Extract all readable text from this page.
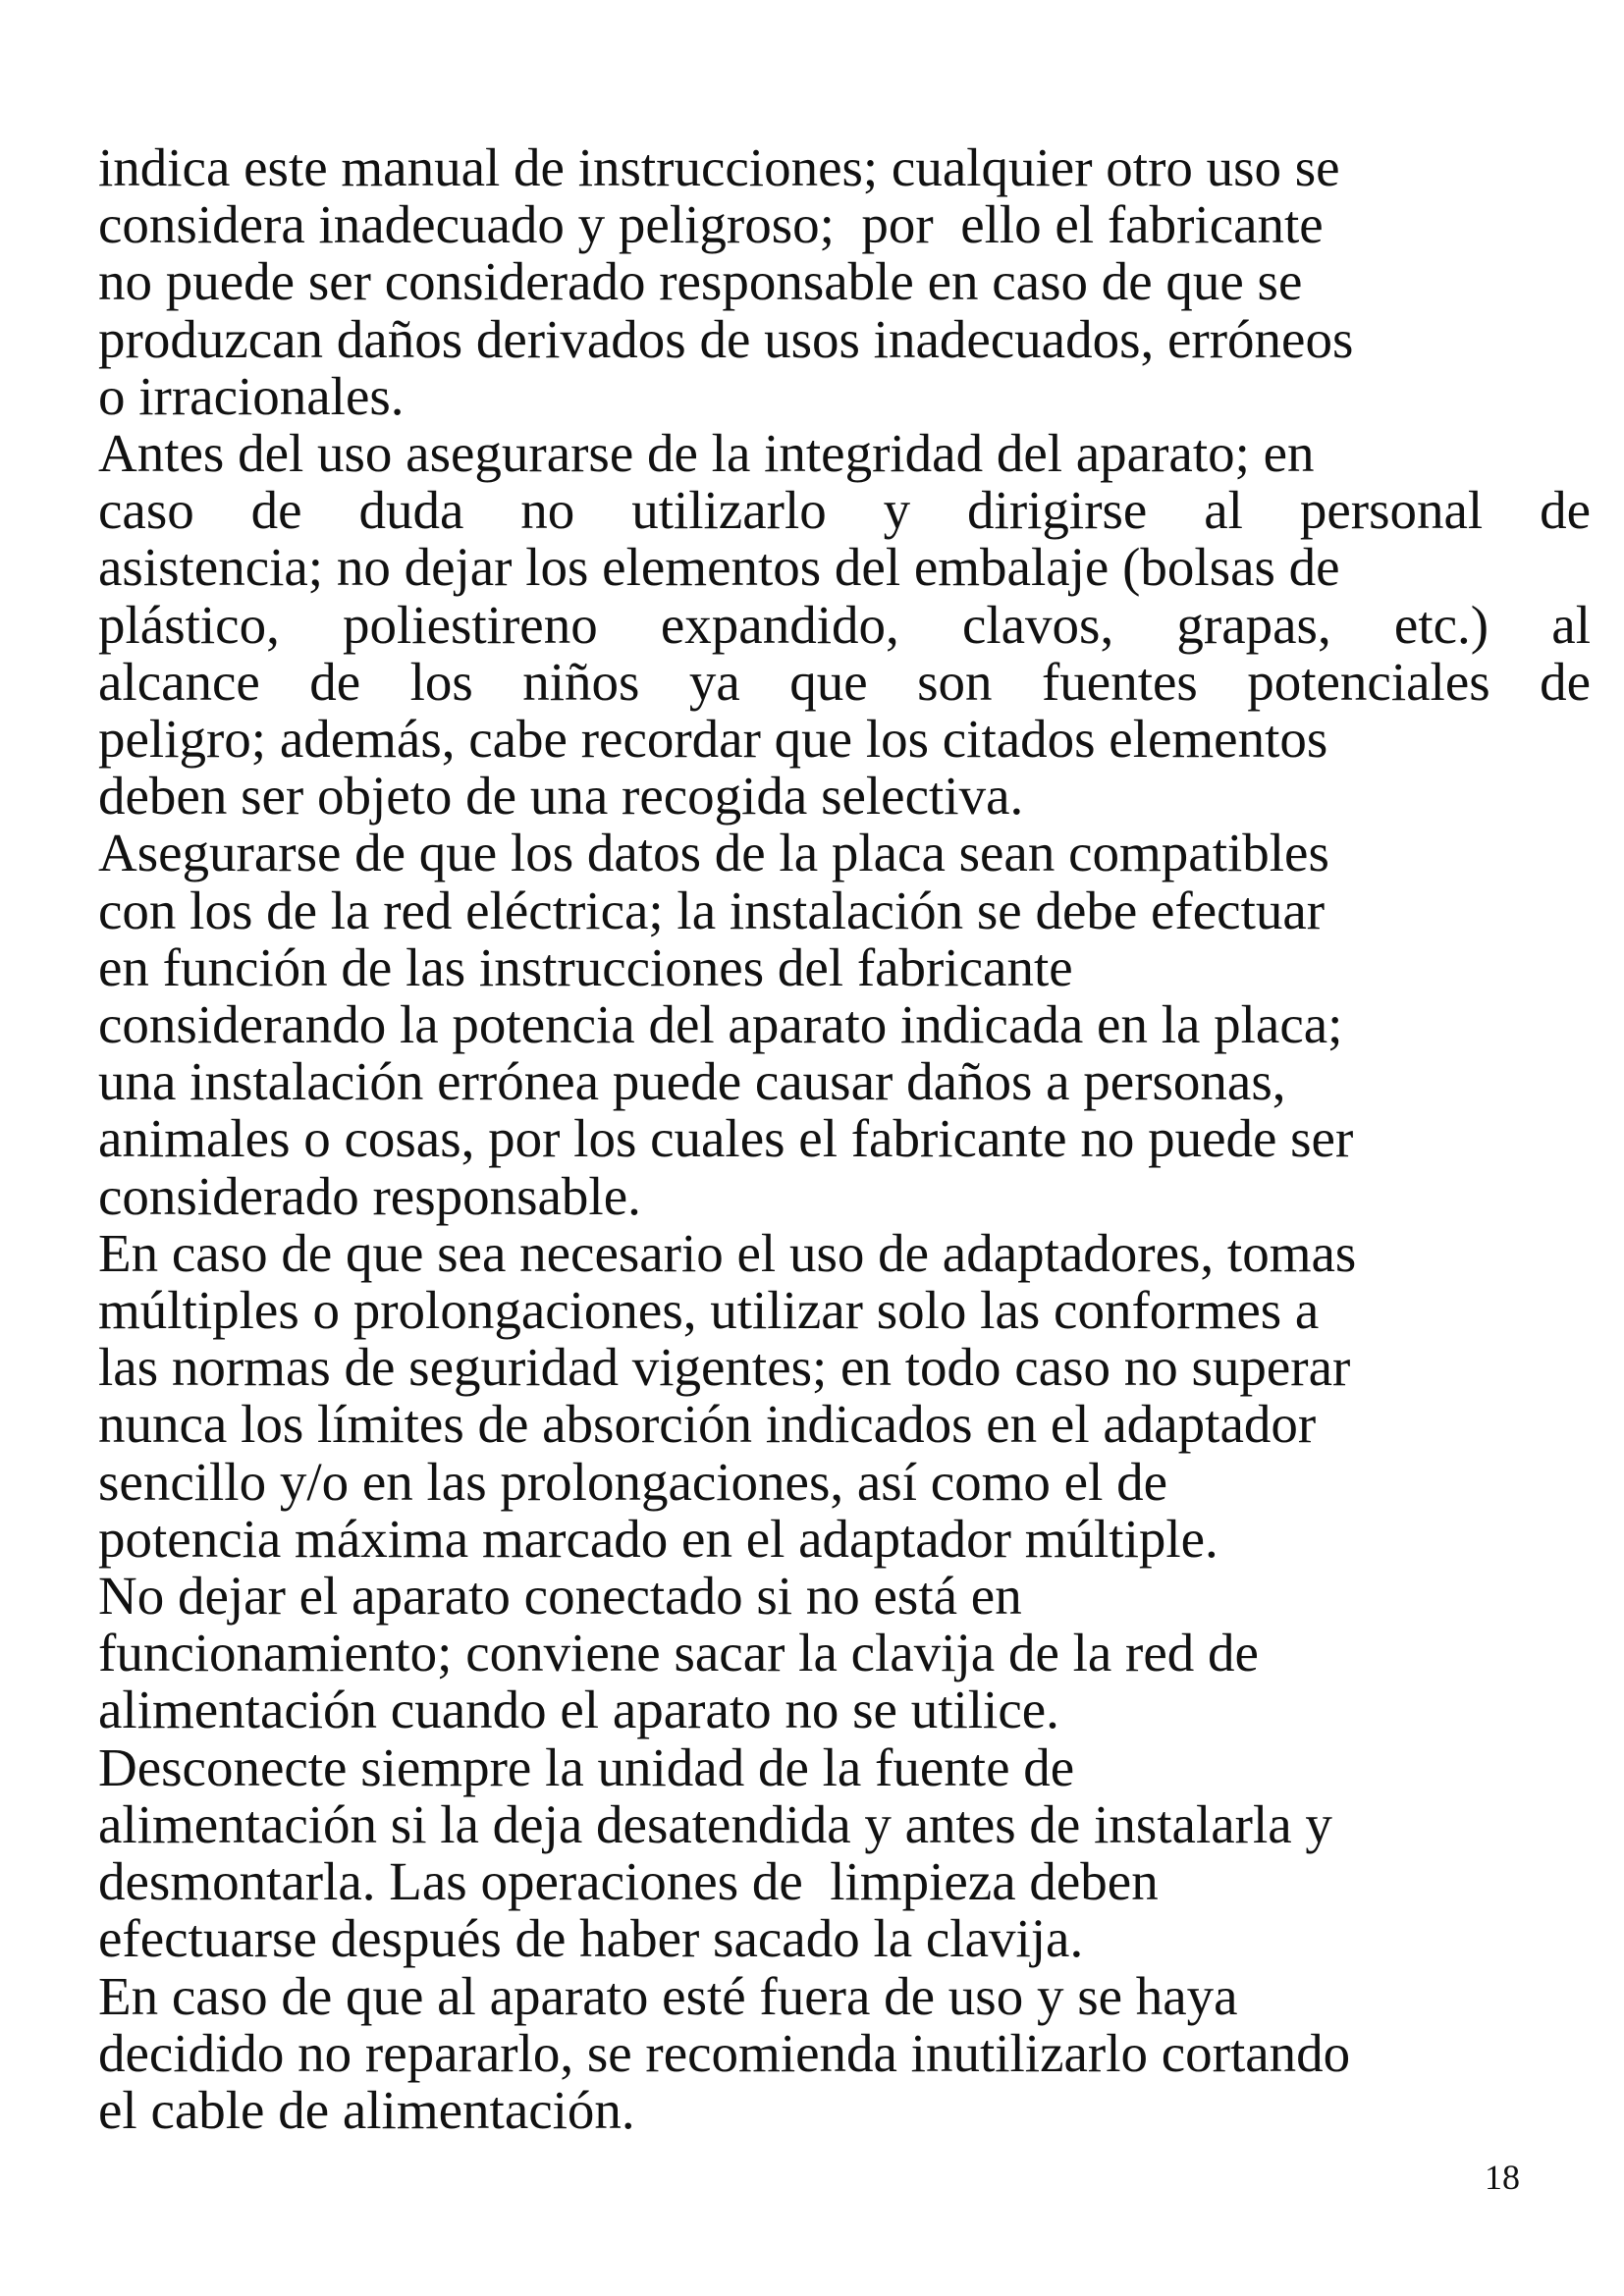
indica este manual de instrucciones; cualquier otro uso se
considera inadecuado y peligroso;  por  ello el fabricante
no puede ser considerado responsable en caso de que se
produzcan daños derivados de usos inadecuados, erróneos
o irracionales.
Antes del uso asegurarse de la integridad del aparato; en
caso de duda no utilizarlo y dirigirse al personal de
asistencia; no dejar los elementos del embalaje (bolsas de
plástico, poliestireno expandido, clavos, grapas, etc.) al
alcance de los niños ya que son fuentes potenciales de
peligro; además, cabe recordar que los citados elementos
deben ser objeto de una recogida selectiva.
Asegurarse de que los datos de la placa sean compatibles
con los de la red eléctrica; la instalación se debe efectuar
en función de las instrucciones del fabricante
considerando la potencia del aparato indicada en la placa;
una instalación errónea puede causar daños a personas,
animales o cosas, por los cuales el fabricante no puede ser
considerado responsable.
En caso de que sea necesario el uso de adaptadores, tomas
múltiples o prolongaciones, utilizar solo las conformes a
las normas de seguridad vigentes; en todo caso no superar
nunca los límites de absorción indicados en el adaptador
sencillo y/o en las prolongaciones, así como el de
potencia máxima marcado en el adaptador múltiple.
No dejar el aparato conectado si no está en
funcionamiento; conviene sacar la clavija de la red de
alimentación cuando el aparato no se utilice.
Desconecte siempre la unidad de la fuente de
alimentación si la deja desatendida y antes de instalarla y
desmontarla. Las operaciones de  limpieza deben
efectuarse después de haber sacado la clavija.
En caso de que al aparato esté fuera de uso y se haya
decidido no repararlo, se recomienda inutilizarlo cortando
el cable de alimentación.
18
